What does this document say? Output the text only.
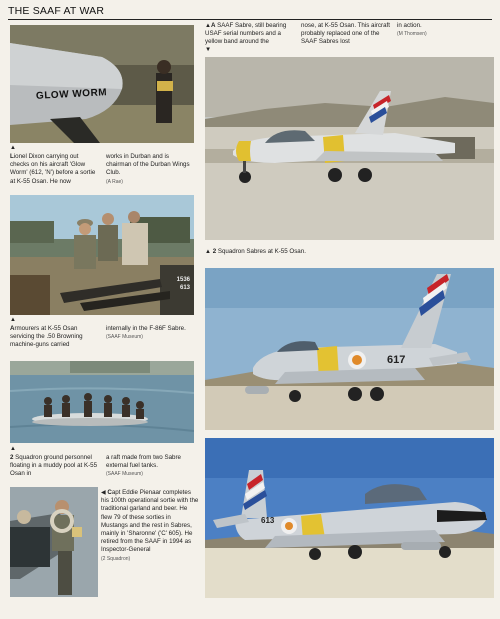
THE SAAF AT WAR
GLOW WORM
▲
Lionel Dixon carrying out checks on his aircraft 'Glow Worm' (612, 'N') before a sortie at K-55 Osan. He now
works in Durban and is chairman of the Durban Wings Club.
(A Rae)
1536
613
▲
Armourers at K-55 Osan servicing the .50 Browning machine-guns carried
internally in the F-86F Sabre.
(SAAF Museum)
▲
2 Squadron ground personnel floating in a muddy pool at K-55 Osan in
a raft made from two Sabre external fuel tanks.
(SAAF Museum)
◀ Capt Eddie Pienaar completes his 100th operational sortie with the traditional garland and beer. He flew 79 of these sorties in Mustangs and the rest in Sabres, mainly in 'Sharonne' ('C' 605). He retired from the SAAF in 1994 as Inspector-General
(2 Squadron)
▲A SAAF Sabre, still bearing USAF serial numbers and a yellow band around the
nose, at K-55 Osan. This aircraft probably replaced one of the SAAF Sabres lost
in action.
(M Thomsen)
▼
▲ 2 Squadron Sabres at K-55 Osan.
617
613
